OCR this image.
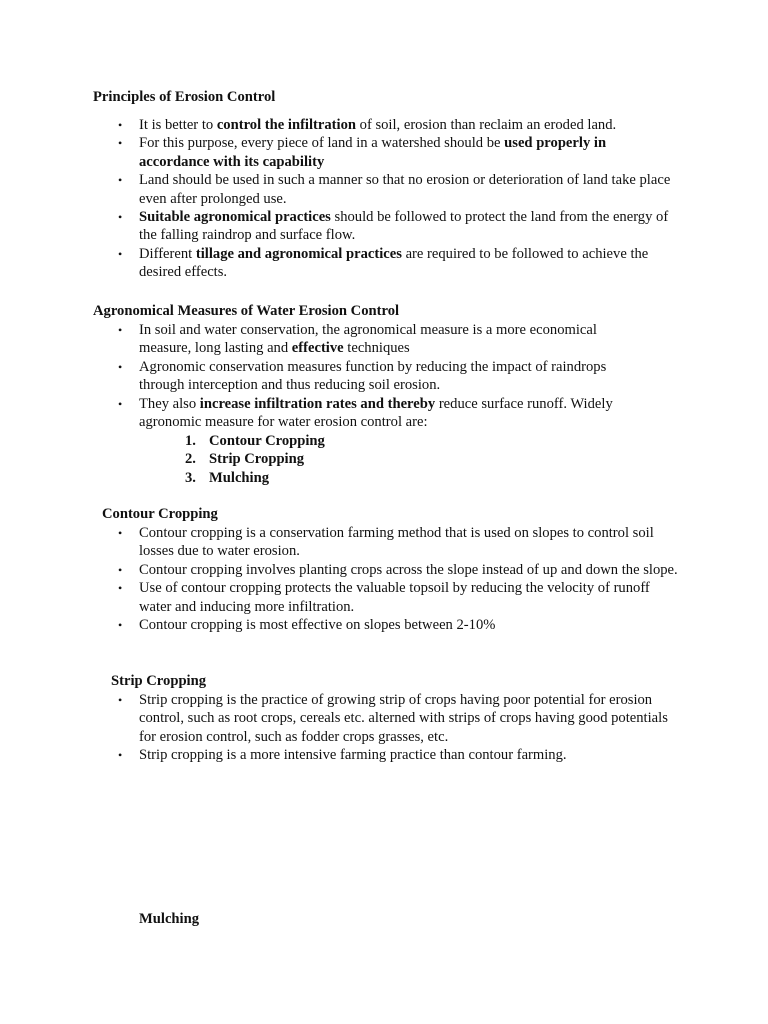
Principles of Erosion Control
• It is better to control the infiltration of soil, erosion than reclaim an eroded land.
• For this purpose, every piece of land in a watershed should be used properly in accordance with its capability
• Land should be used in such a manner so that no erosion or deterioration of land take place even after prolonged use.
• Suitable agronomical practices should be followed to protect the land from the energy of the falling raindrop and surface flow.
• Different tillage and agronomical practices are required to be followed to achieve the desired effects.
Agronomical Measures of Water Erosion Control
• In soil and water conservation, the agronomical measure is a more economical measure, long lasting and effective techniques
• Agronomic conservation measures function by reducing the impact of raindrops through interception and thus reducing soil erosion.
• They also increase infiltration rates and thereby reduce surface runoff. Widely agronomic measure for water erosion control are:
1. Contour Cropping
2. Strip Cropping
3. Mulching
Contour Cropping
• Contour cropping is a conservation farming method that is used on slopes to control soil losses due to water erosion.
• Contour cropping involves planting crops across the slope instead of up and down the slope.
• Use of contour cropping protects the valuable topsoil by reducing the velocity of runoff water and inducing more infiltration.
• Contour cropping is most effective on slopes between 2-10%
Strip Cropping
• Strip cropping is the practice of growing strip of crops having poor potential for erosion control, such as root crops, cereals etc. alterned with strips of crops having good potentials for erosion control, such as fodder crops grasses, etc.
• Strip cropping is a more intensive farming practice than contour farming.
Mulching
